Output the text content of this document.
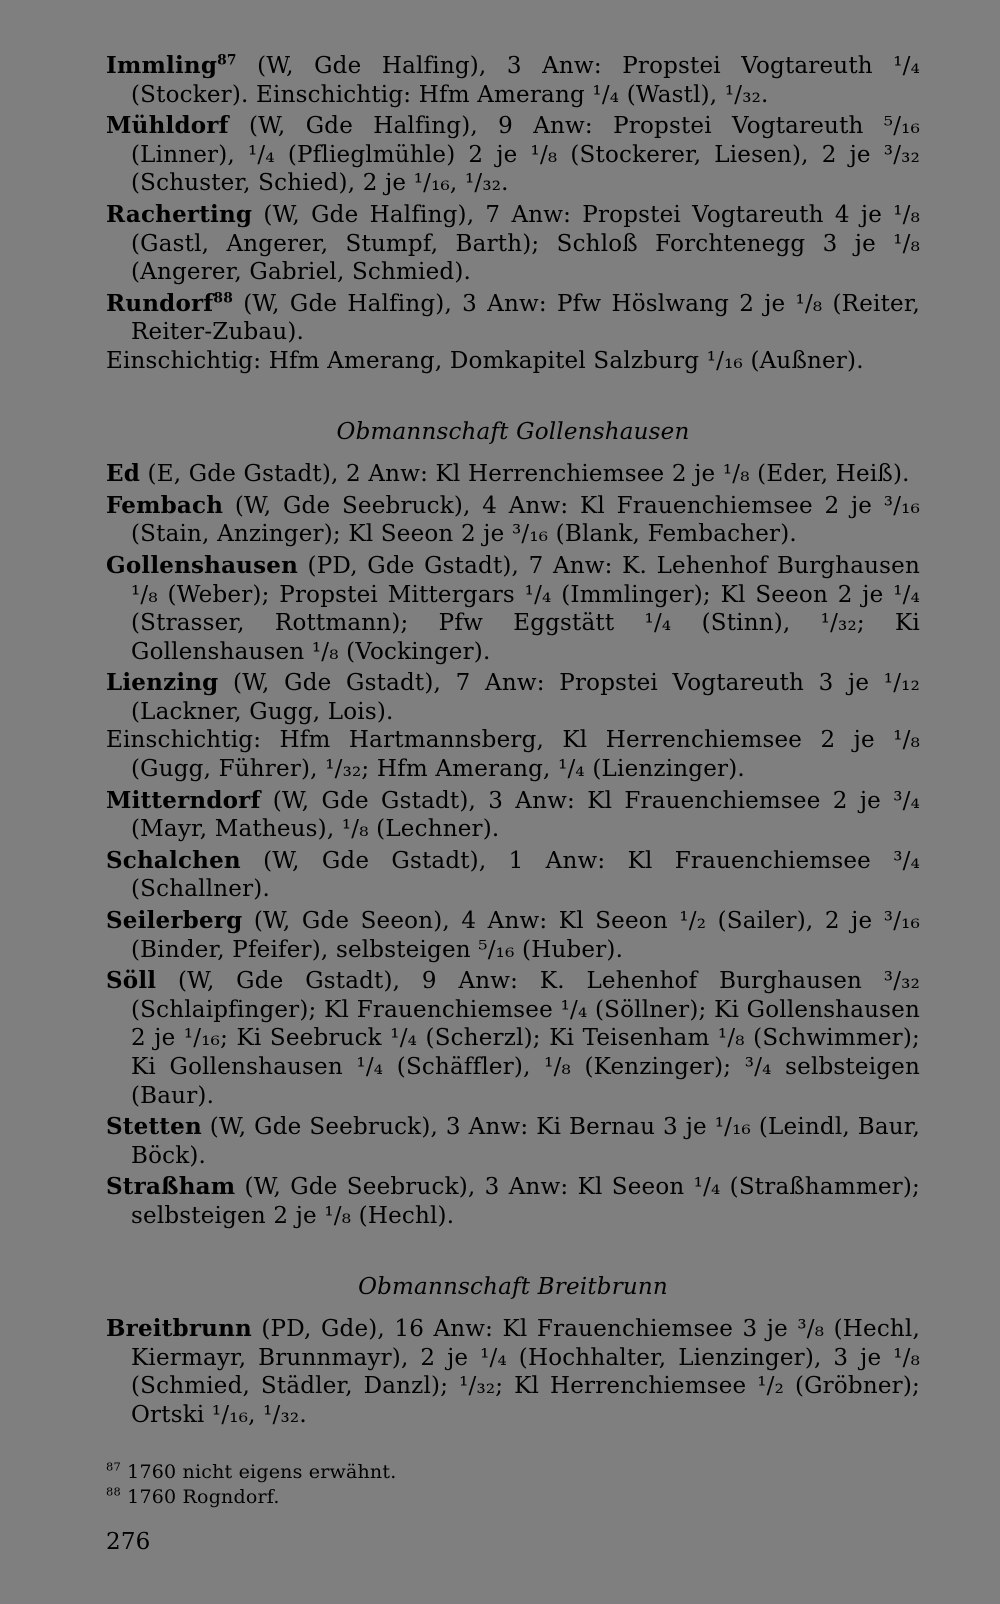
Immling$^{87}$ (W, Gde Halfing), 3 Anw: Propstei Vogtareuth ¹/₄ (Stocker). Einschichtig: Hfm Amerang ¹/₄ (Wastl), ¹/₃₂.
Mühldorf (W, Gde Halfing), 9 Anw: Propstei Vogtareuth ⁵/₁₆ (Linner), ¹/₄ (Pflieglmühle) 2 je ¹/₈ (Stockerer, Liesen), 2 je ³/₃₂ (Schuster, Schied), 2 je ¹/₁₆, ¹/₃₂.
Racherting (W, Gde Halfing), 7 Anw: Propstei Vogtareuth 4 je ¹/₈ (Gastl, Angerer, Stumpf, Barth); Schloß Forchtenegg 3 je ¹/₈ (Angerer, Gabriel, Schmied).
Rundorf$^{88}$ (W, Gde Halfing), 3 Anw: Pfw Höslwang 2 je ¹/₈ (Reiter, Reiter-Zubau).
Einschichtig: Hfm Amerang, Domkapitel Salzburg ¹/₁₆ (Außner).
Obmannschaft Gollenshausen
Ed (E, Gde Gstadt), 2 Anw: Kl Herrenchiemsee 2 je ¹/₈ (Eder, Heiß).
Fembach (W, Gde Seebruck), 4 Anw: Kl Frauenchiemsee 2 je ³/₁₆ (Stain, Anzinger); Kl Seeon 2 je ³/₁₆ (Blank, Fembacher).
Gollenshausen (PD, Gde Gstadt), 7 Anw: K. Lehenhof Burghausen ¹/₈ (Weber); Propstei Mittergars ¹/₄ (Immlinger); Kl Seeon 2 je ¹/₄ (Strasser, Rottmann); Pfw Eggstätt ¹/₄ (Stinn), ¹/₃₂; Ki Gollenshausen ¹/₈ (Vockinger).
Lienzing (W, Gde Gstadt), 7 Anw: Propstei Vogtareuth 3 je ¹/₁₂ (Lackner, Gugg, Lois).
Einschichtig: Hfm Hartmannsberg, Kl Herrenchiemsee 2 je ¹/₈ (Gugg, Führer), ¹/₃₂; Hfm Amerang, ¹/₄ (Lienzinger).
Mitterndorf (W, Gde Gstadt), 3 Anw: Kl Frauenchiemsee 2 je ³/₄ (Mayr, Matheus), ¹/₈ (Lechner).
Schalchen (W, Gde Gstadt), 1 Anw: Kl Frauenchiemsee ³/₄ (Schallner).
Seilerberg (W, Gde Seeon), 4 Anw: Kl Seeon ¹/₂ (Sailer), 2 je ³/₁₆ (Binder, Pfeifer), selbsteigen ⁵/₁₆ (Huber).
Söll (W, Gde Gstadt), 9 Anw: K. Lehenhof Burghausen ³/₃₂ (Schlaipfinger); Kl Frauenchiemsee ¹/₄ (Söllner); Ki Gollenshausen 2 je ¹/₁₆; Ki Seebruck ¹/₄ (Scherzl); Ki Teisenham ¹/₈ (Schwimmer); Ki Gollenshausen ¹/₄ (Schäffler), ¹/₈ (Kenzinger); ³/₄ selbsteigen (Baur).
Stetten (W, Gde Seebruck), 3 Anw: Ki Bernau 3 je ¹/₁₆ (Leindl, Baur, Böck).
Straßham (W, Gde Seebruck), 3 Anw: Kl Seeon ¹/₄ (Straßhammer); selbsteigen 2 je ¹/₈ (Hechl).
Obmannschaft Breitbrunn
Breitbrunn (PD, Gde), 16 Anw: Kl Frauenchiemsee 3 je ³/₈ (Hechl, Kiermayr, Brunnmayr), 2 je ¹/₄ (Hochhalter, Lienzinger), 3 je ¹/₈ (Schmied, Städler, Danzl); ¹/₃₂; Kl Herrenchiemsee ¹/₂ (Gröbner); Ortski ¹/₁₆, ¹/₃₂.
$^{87}$ 1760 nicht eigens erwähnt.
$^{88}$ 1760 Rogndorf.
276
